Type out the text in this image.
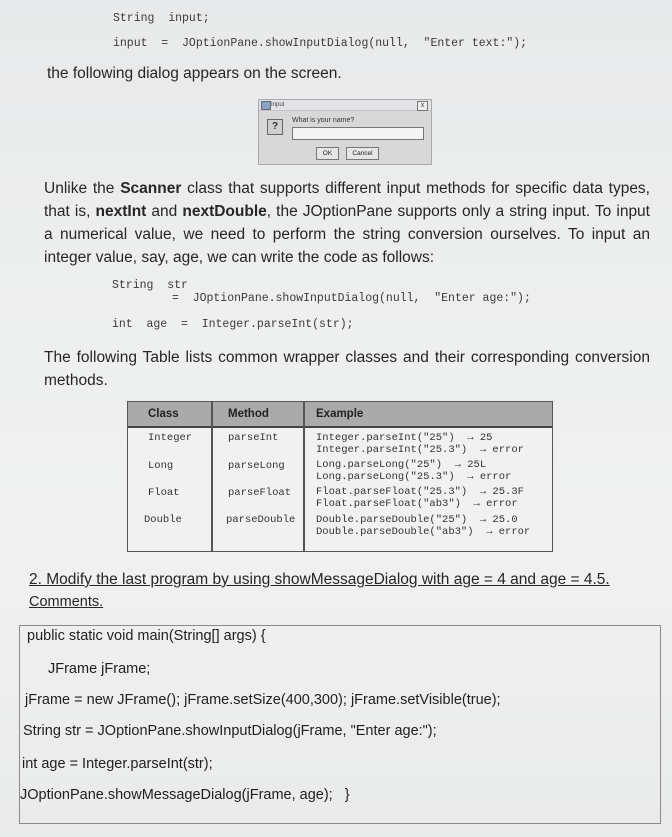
String  input;
input  =  JOptionPane.showInputDialog(null,  "Enter text:");
the following dialog appears on the screen.
Input	x
?
What is your name?
OK	Cancel
Unlike the Scanner class that supports different input methods for specific data types, that is, nextInt and nextDouble, the JOptionPane supports only a string input. To input a numerical value, we need to perform the string conversion ourselves. To input an integer value, say, age, we can write the code as follows:
String  str
=  JOptionPane.showInputDialog(null,  "Enter age:");
int  age  =  Integer.parseInt(str);
The following Table lists common wrapper classes and their corresponding conversion methods.
Class	Method	Example
Integer	parseInt	Integer.parseInt("25")  → 25
Integer.parseInt("25.3")  → error
Long	parseLong	Long.parseLong("25")  → 25L
Long.parseLong("25.3")  → error
Float	parseFloat Float.parseFloat("25.3")  → 25.3F
Float.parseFloat("ab3")  → error
Double	parseDouble Double.parseDouble("25")  → 25.0
Double.parseDouble("ab3")  → error
2. Modify the last program by using showMessageDialog with age = 4 and age = 4.5.
Comments.
public static void main(String[] args) {
JFrame jFrame;
jFrame = new JFrame(); jFrame.setSize(400,300); jFrame.setVisible(true);
String str = JOptionPane.showInputDialog(jFrame, "Enter age:");
int age = Integer.parseInt(str);
JOptionPane.showMessageDialog(jFrame, age);   }
